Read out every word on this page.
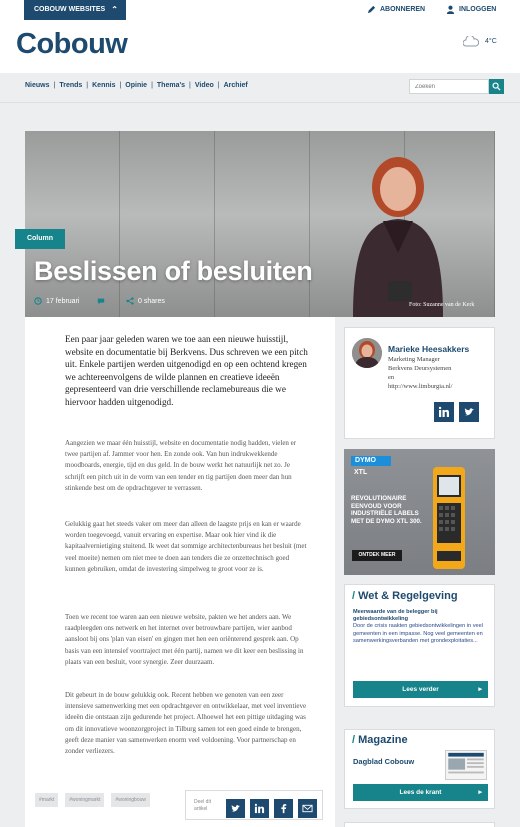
COBOUW WEBSITES ⌃	ABONNEREN	INLOGGEN
Cobouw	4°C
Nieuws | Trends | Kennis | Opinie | Thema's | Video | Archief
Zoeken
Column
Beslissen of besluiten
17 februari	0 shares
Foto: Suzanne van de Kerk

Een paar jaar geleden waren we toe aan een nieuwe huisstijl, website en documentatie bij Berkvens. Dus schreven we een pitch uit. Enkele partijen werden uitgenodigd en op een ochtend kregen we achtereenvolgens de wilde plannen en creatieve ideeën gepresenteerd van drie verschillende reclamebureaus die we hiervoor hadden uitgenodigd.

Aangezien we maar één huisstijl, website en documentatie nodig hadden, vielen er twee partijen af. Jammer voor hen. En zonde ook. Van hun indrukwekkende moodboards, energie, tijd en dus geld. In de bouw werkt het natuurlijk net zo. Je schrijft een pitch uit in de vorm van een tender en tig partijen doen meer dan hun stinkende best om de opdrachtgever te verrassen.

Gelukkig gaat het steeds vaker om meer dan alleen de laagste prijs en kan er waarde worden toegevoegd, vanuit ervaring en expertise. Maar ook hier vind ik die kapitaalvernietiging stuitend. Ik weet dat sommige architectenbureaus het besluit (met veel moeite) nemen om niet mee te doen aan tenders die ze onzettechnisch goed kunnen gebruiken, omdat de investering simpelweg te groot voor ze is.

Toen we recent toe waren aan een nieuwe website, pakten we het anders aan. We raadpleegden ons netwerk en het internet over betrouwbare partijen, wier aanbod aansloot bij ons 'plan van eisen' en gingen met hen een oriënterend gesprek aan. Op basis van een intensief voortraject met één partij, namen we dit keer een beslissing in plaats van een besluit, voor synergie. Zeer duurzaam.

Dit gebeurt in de bouw gelukkig ook. Recent hebben we genoten van een zeer intensieve samenwerking met een opdrachtgever en ontwikkelaar, met veel inventieve ideeën die ontstaan zijn gedurende het project. Alhoewel het een pittige uitdaging was om dit innovatieve woonzorgproject in Tilburg samen tot een goed einde te brengen, geeft deze manier van samenwerken enorm veel voldoening. Voor partnerschap en zonder verliezers.

#markt	#woningmarkt	#woningbouw	Deel dit artikel
Marieke Heesakkers
Marketing Manager
Berkvens Deursystemen
en
http://www.limburgia.nl/
DYMO
XTL
REVOLUTIONAIRE EENVOUD VOOR INDUSTRIËLE LABELS MET DE DYMO XTL 300.
ONTDEK MEER
/ Wet & Regelgeving
Meerwaarde van de belegger bij gebiedsontwikkeling
Door de crisis raakten gebiedsontwikkelingen in veel gemeenten in een impasse. Nog veel gemeenten en samenwerkingsverbanden met grondexploitaties...
Lees verder	▸
/ Magazine
Dagblad Cobouw
Lees de krant	▸
